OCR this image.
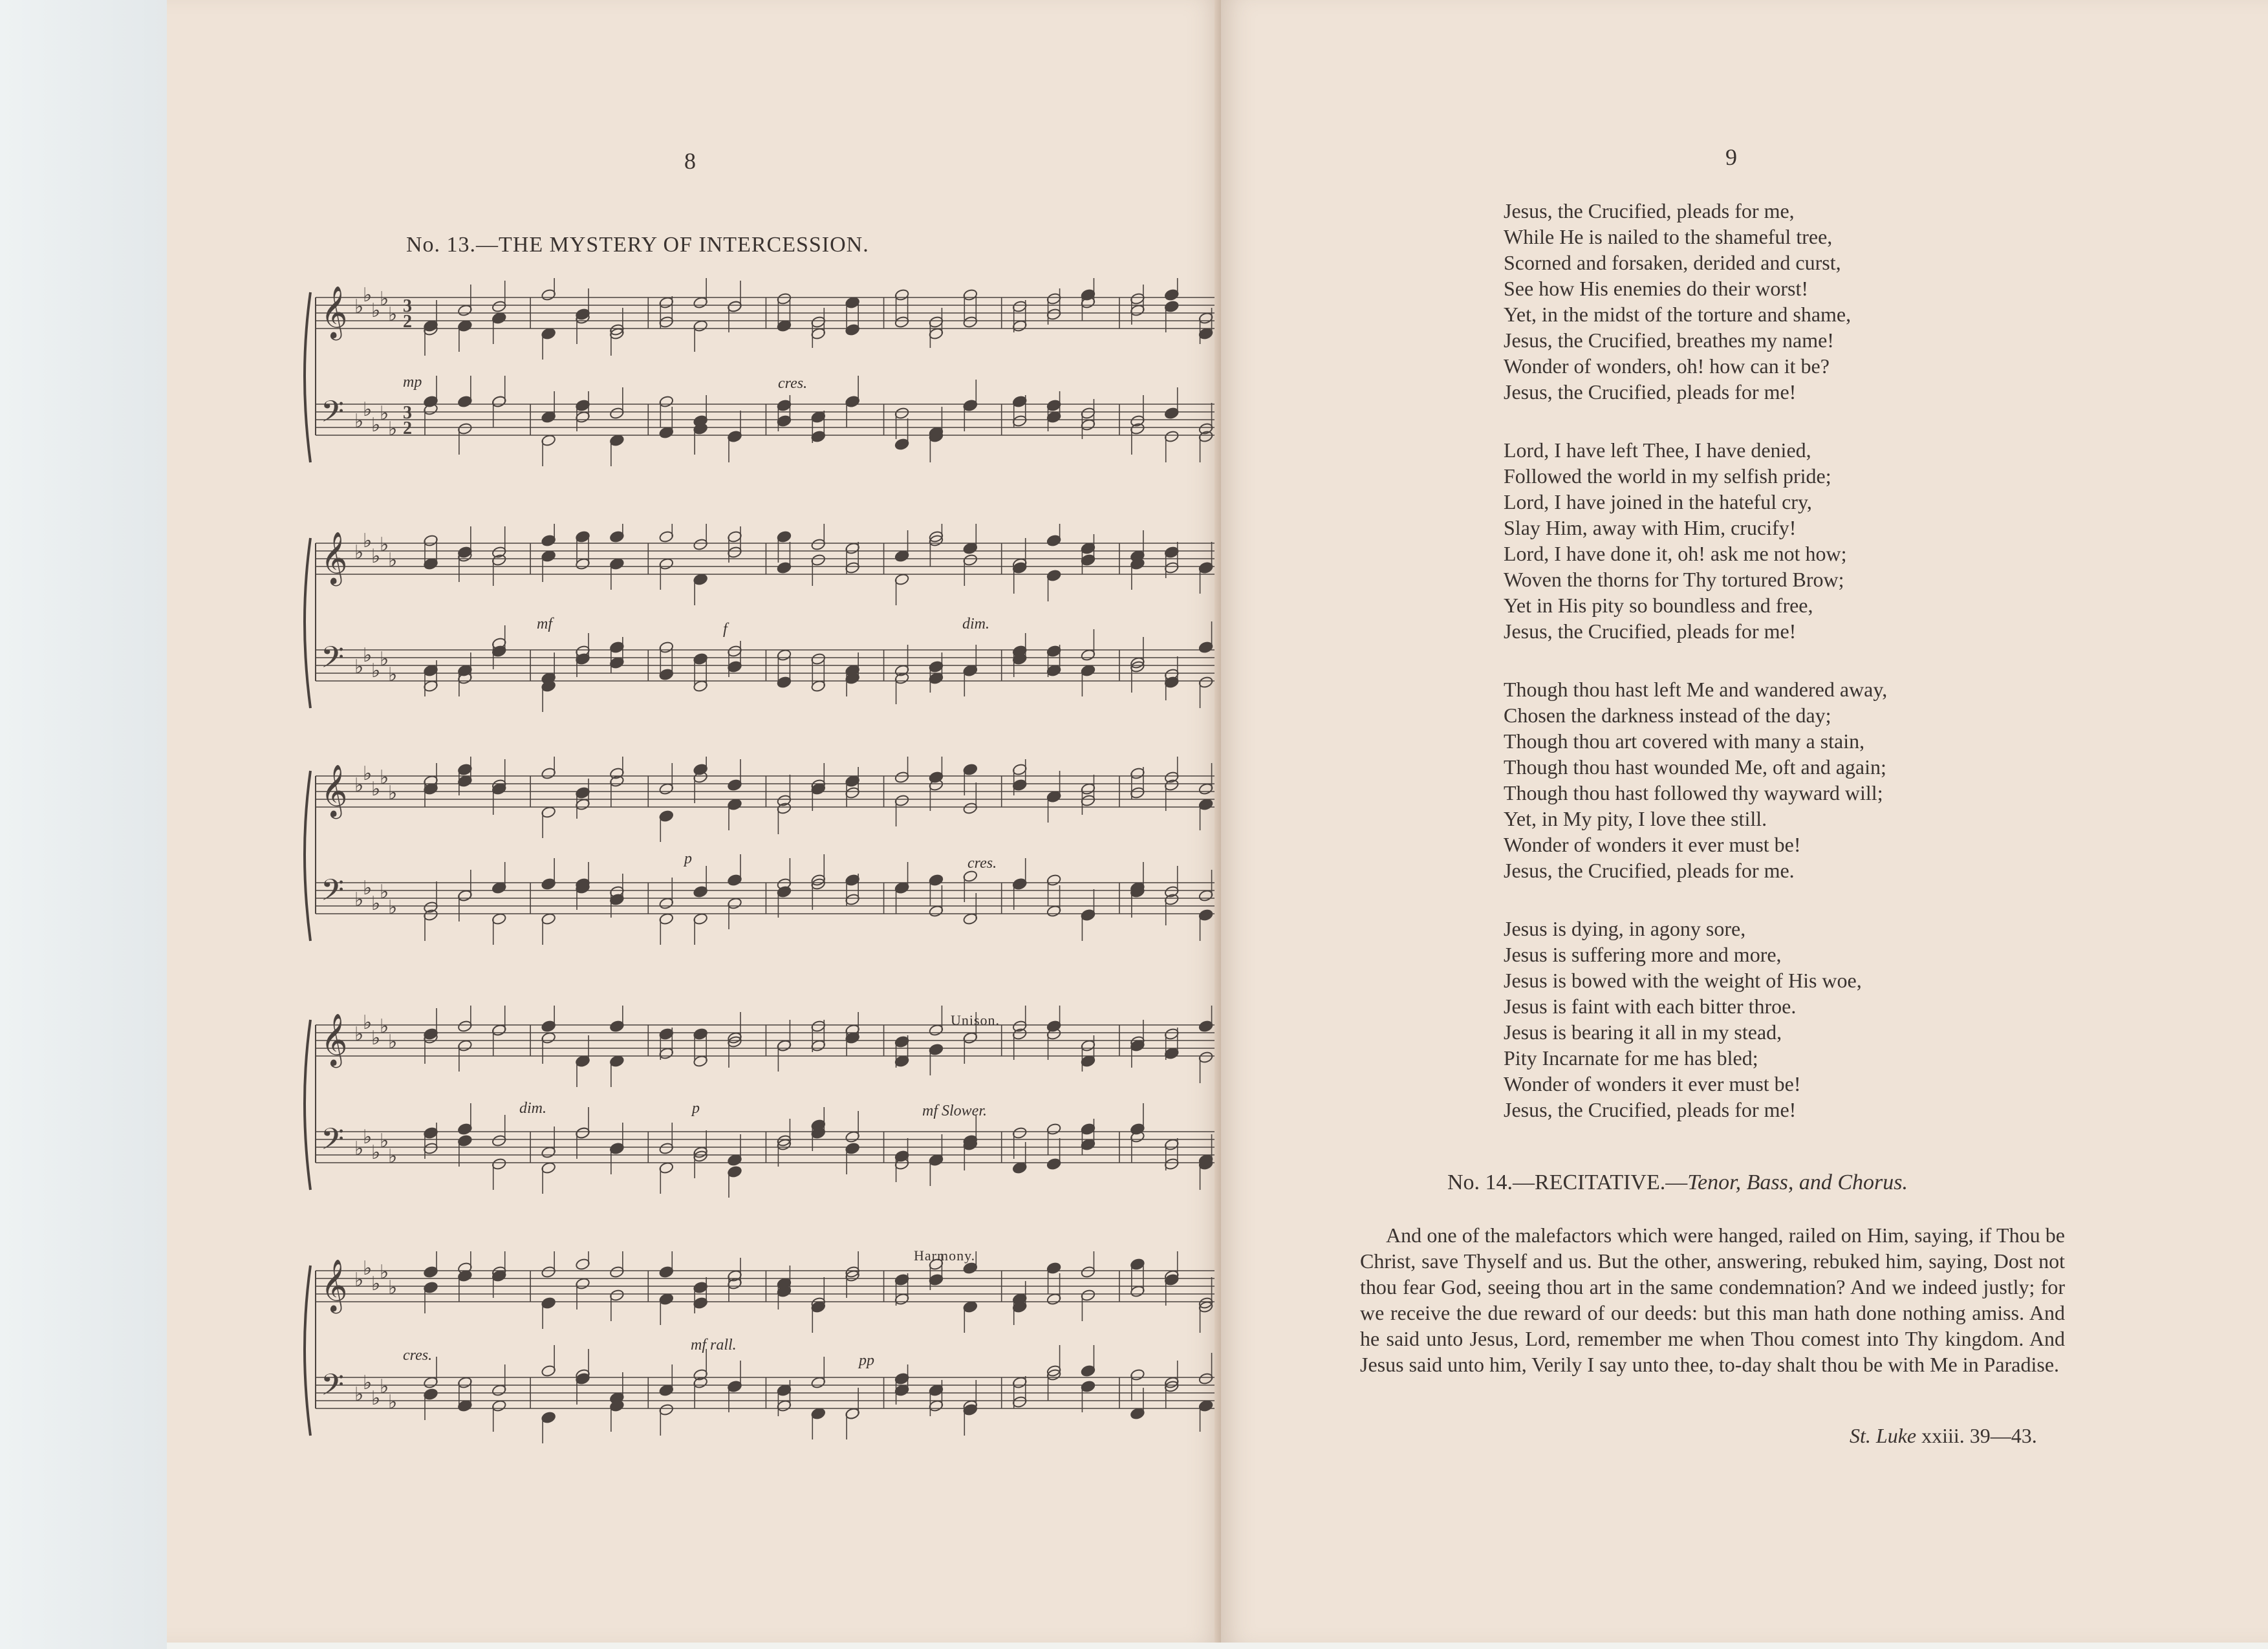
8
No. 13.—THE MYSTERY OF INTERCESSION.
𝄞
𝄢
♭
♭
♭
♭
♭
♭
♭
♭
♭
♭
3
3
2
2
mp	cres.
𝄞
𝄢
♭
♭
♭
♭
♭
♭
♭
♭
♭
♭
mf	f	dim.
𝄞
𝄢
♭
♭
♭
♭
♭
♭
♭
♭
♭
♭
p	cres.
𝄞
𝄢
♭
♭
♭
♭
♭
♭
♭
♭
♭
♭
Unison.
dim.	p	mf Slower.
𝄞
𝄢
♭
♭
♭
♭
♭
♭
♭
♭
♭
♭
Harmony.
cres.
mf rall.
pp
9
Jesus, the Crucified, pleads for me,
While He is nailed to the shameful tree,
Scorned and forsaken, derided and curst,
See how His enemies do their worst!
Yet, in the midst of the torture and shame,
Jesus, the Crucified, breathes my name!
Wonder of wonders, oh! how can it be?
Jesus, the Crucified, pleads for me!
Lord, I have left Thee, I have denied,
Followed the world in my selfish pride;
Lord, I have joined in the hateful cry,
Slay Him, away with Him, crucify!
Lord, I have done it, oh! ask me not how;
Woven the thorns for Thy tortured Brow;
Yet in His pity so boundless and free,
Jesus, the Crucified, pleads for me!
Though thou hast left Me and wandered away,
Chosen the darkness instead of the day;
Though thou art covered with many a stain,
Though thou hast wounded Me, oft and again;
Though thou hast followed thy wayward will;
Yet, in My pity, I love thee still.
Wonder of wonders it ever must be!
Jesus, the Crucified, pleads for me.
Jesus is dying, in agony sore,
Jesus is suffering more and more,
Jesus is bowed with the weight of His woe,
Jesus is faint with each bitter throe.
Jesus is bearing it all in my stead,
Pity Incarnate for me has bled;
Wonder of wonders it ever must be!
Jesus, the Crucified, pleads for me!
No. 14.—RECITATIVE.—Tenor, Bass, and Chorus.
And one of the malefactors which were hanged, railed on Him, saying, if Thou be Christ, save Thyself and us. But the other, answering, rebuked him, saying, Dost not thou fear God, seeing thou art in the same condemnation? And we indeed justly; for we receive the due reward of our deeds: but this man hath done nothing amiss. And he said unto Jesus, Lord, remember me when Thou comest into Thy kingdom. And Jesus said unto him, Verily I say unto thee, to-day shalt thou be with Me in Paradise.
St. Luke xxiii. 39—43.
